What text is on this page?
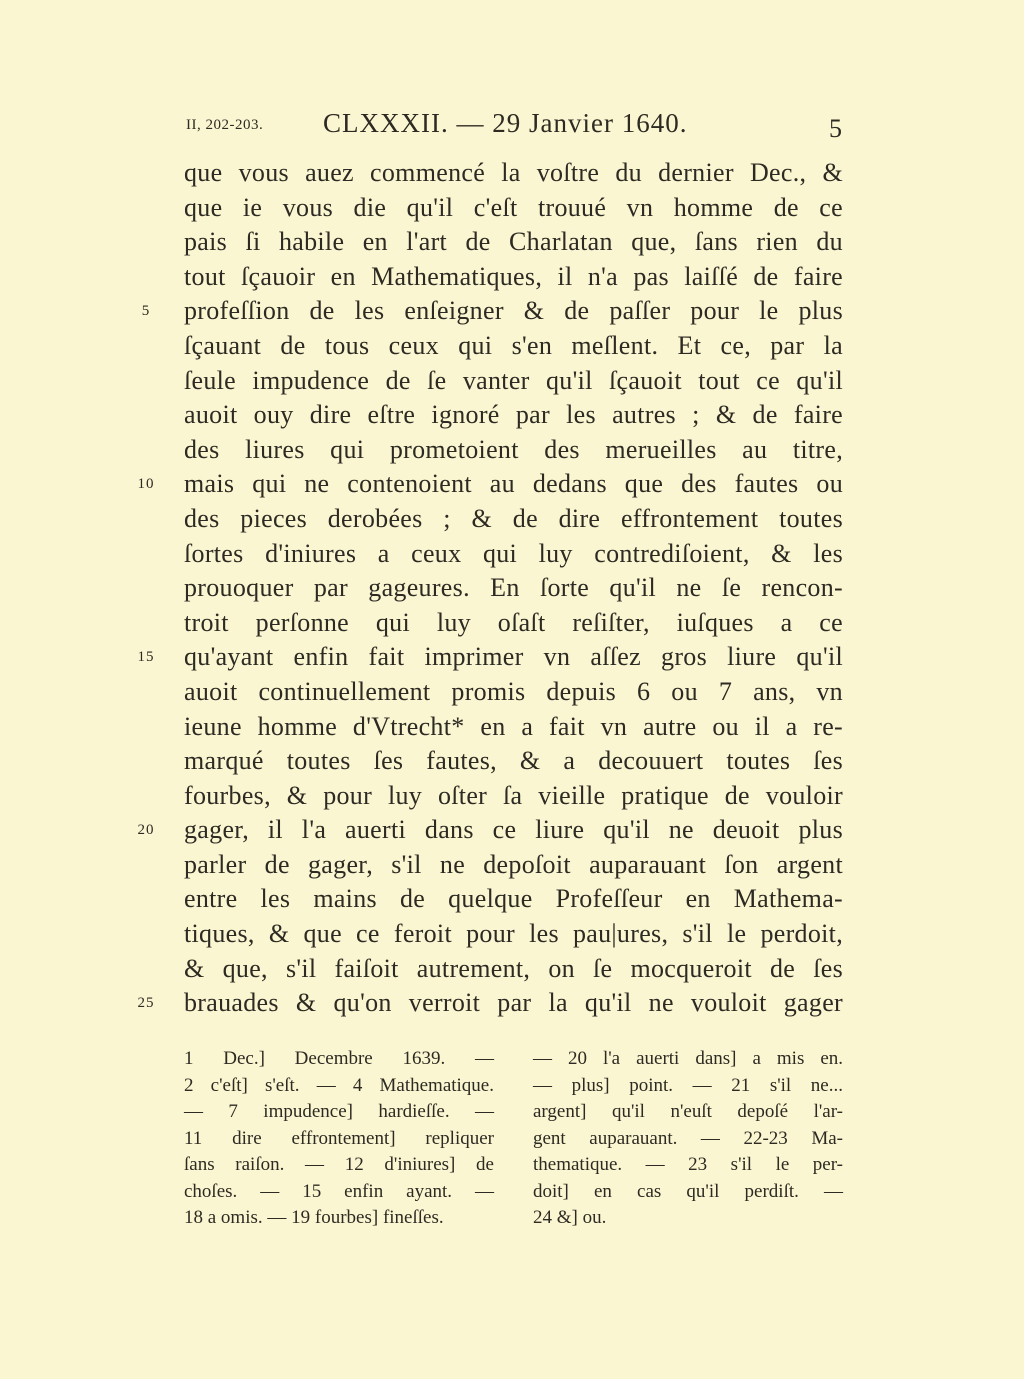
II, 202-203. CLXXXII. — 29 Janvier 1640.	5
que vous auez commencé la voſtre du dernier Dec., &
que ie vous die qu'il c'eſt trouué vn homme de ce
pais ſi habile en l'art de Charlatan que, ſans rien du
tout ſçauoir en Mathematiques, il n'a pas laiſſé de faire
5 profeſſion de les enſeigner & de paſſer pour le plus
ſçauant de tous ceux qui s'en meſlent. Et ce, par la
ſeule impudence de ſe vanter qu'il ſçauoit tout ce qu'il
auoit ouy dire eſtre ignoré par les autres ; & de faire
des liures qui prometoient des merueilles au titre,
10 mais qui ne contenoient au dedans que des fautes ou
des pieces derobées ; & de dire effrontement toutes
ſortes d'iniures a ceux qui luy contrediſoient, & les
prouoquer par gageures. En ſorte qu'il ne ſe rencon-
troit perſonne qui luy oſaſt reſiſter, iuſques a ce
15 qu'ayant enfin fait imprimer vn aſſez gros liure qu'il
auoit continuellement promis depuis 6 ou 7 ans, vn
ieune homme d'Vtrecht* en a fait vn autre ou il a re-
marqué toutes ſes fautes, & a decouuert toutes ſes
fourbes, & pour luy oſter ſa vieille pratique de vouloir
20 gager, il l'a auerti dans ce liure qu'il ne deuoit plus
parler de gager, s'il ne depoſoit auparauant ſon argent
entre les mains de quelque Profeſſeur en Mathema-
tiques, & que ce feroit pour les pau|ures, s'il le perdoit,
& que, s'il faiſoit autrement, on ſe mocqueroit de ſes
25 brauades & qu'on verroit par la qu'il ne vouloit gager
1 Dec.] Decembre 1639. —
2 c'eſt] s'eſt. — 4 Mathematique.
— 7 impudence] hardieſſe. —
11 dire effrontement] repliquer
ſans raiſon. — 12 d'iniures] de
choſes. — 15 enfin ayant. —
18 a omis. — 19 fourbes] fineſſes.
— 20 l'a auerti dans] a mis en.
— plus] point. — 21 s'il ne...
argent] qu'il n'euſt depoſé l'ar-
gent auparauant. — 22-23 Ma-
thematique. — 23 s'il le per-
doit] en cas qu'il perdiſt. —
24 &] ou.
